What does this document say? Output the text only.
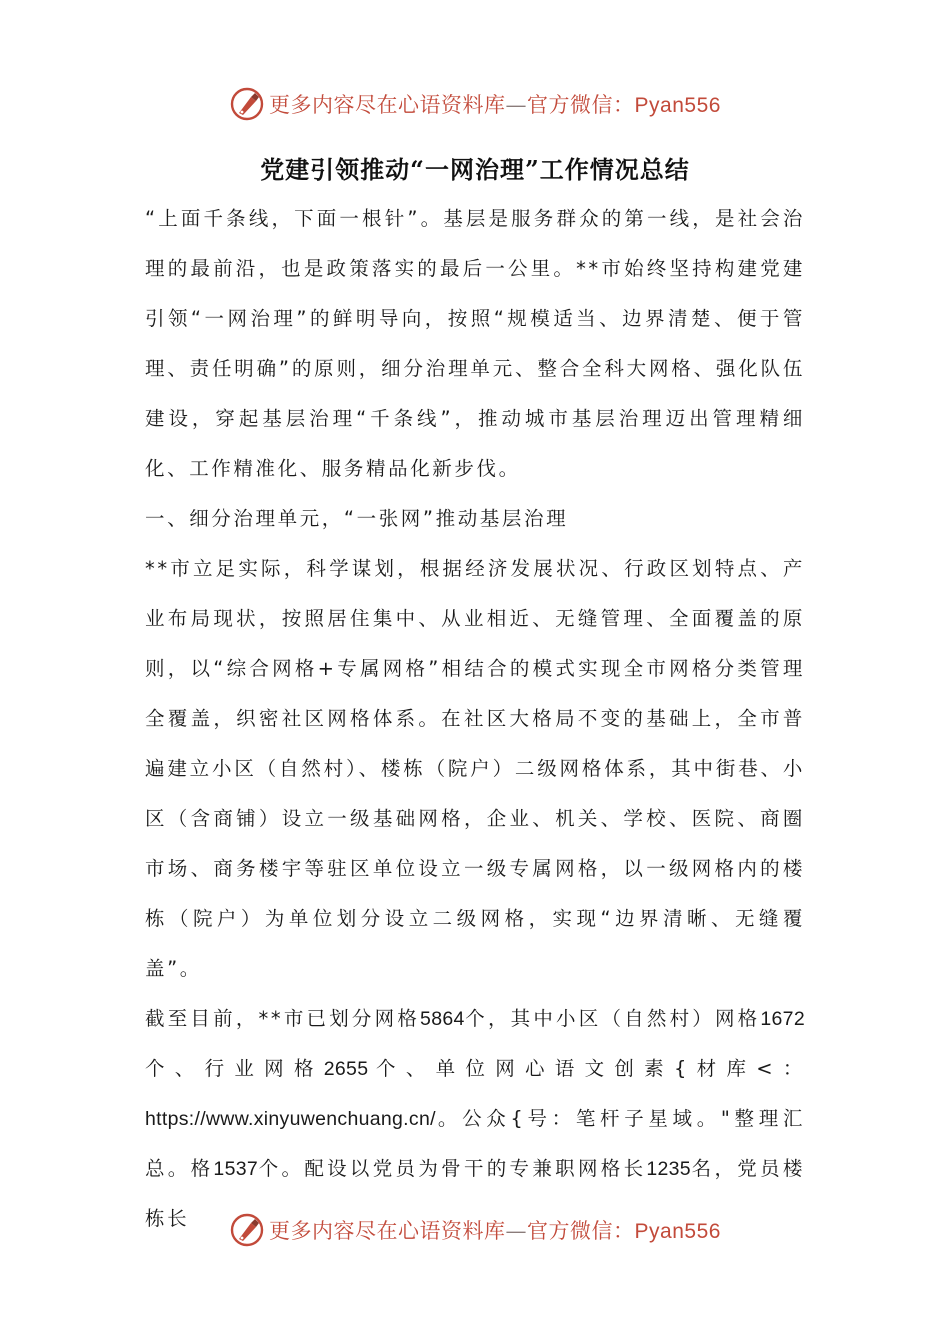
更多内容尽在心语资料库—官方微信：Pyan556
党建引领推动“一网治理”工作情况总结

“上面千条线，下面一根针”。基层是服务群众的第一线，是社会治理的最前沿，也是政策落实的最后一公里。**市始终坚持构建党建引领“一网治理”的鲜明导向，按照“规模适当、边界清楚、便于管理、责任明确”的原则，细分治理单元、整合全科大网格、强化队伍建设，穿起基层治理“千条线”，推动城市基层治理迈出管理精细化、工作精准化、服务精品化新步伐。

一、细分治理单元，“一张网”推动基层治理

**市立足实际，科学谋划，根据经济发展状况、行政区划特点、产业布局现状，按照居住集中、从业相近、无缝管理、全面覆盖的原则，以“综合网格+专属网格”相结合的模式实现全市网格分类管理全覆盖，织密社区网格体系。在社区大格局不变的基础上，全市普遍建立小区（自然村）、楼栋（院户）二级网格体系，其中街巷、小区（含商铺）设立一级基础网格，企业、机关、学校、医院、商圈市场、商务楼宇等驻区单位设立一级专属网格，以一级网格内的楼栋（院户）为单位划分设立二级网格，实现“边界清晰、无缝覆盖”。

截至目前，**市已划分网格5864个，其中小区（自然村）网格1672个、行业网格2655个、单位网心语文创素{材库<： https://www.xinyuwenchuang.cn/。公众{号：笔杆子星域。"整理汇总。格1537个。配设以党员为骨干的专兼职网格长1235名，党员楼栋长

更多内容尽在心语资料库—官方微信：Pyan556
